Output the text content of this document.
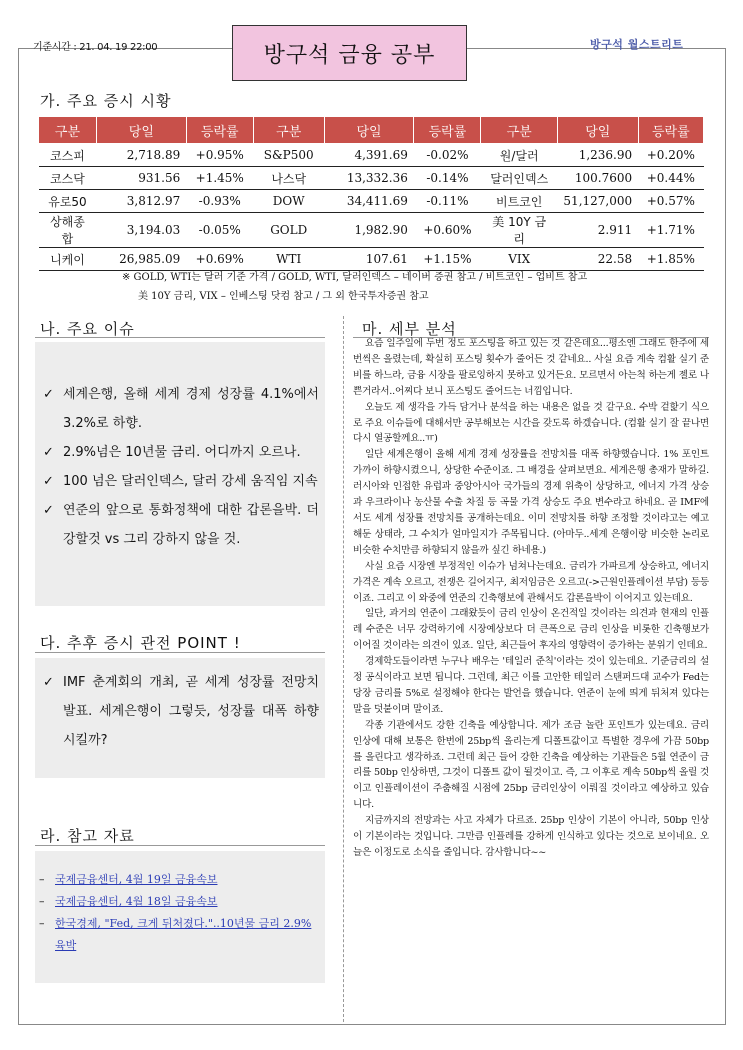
기준시간 : 21. 04. 19 22:00	방구석 금융 공부	방구석 월스트리트
가. 주요 증시 시황
구분	당일	등락률	구분	당일	등락률	구분	당일	등락률
코스피	2,718.89	+0.95%	S&P500	4,391.69	-0.02%	원/달러	1,236.90	+0.20%
코스닥	931.56	+1.45%	나스닥	13,332.36	-0.14%	달러인덱스	100.7600	+0.44%
유로50	3,812.97	-0.93%	DOW	34,411.69	-0.11%	비트코인	51,127,000	+0.57%
상해종합	3,194.03	-0.05%	GOLD	1,982.90	+0.60%	美 10Y 금리	2.911	+1.71%
니케이	26,985.09	+0.69%	WTI	107.61	+1.15%	VIX	22.58	+1.85%
※ GOLD, WTI는 달러 기준 가격 / GOLD, WTI, 달러인덱스 – 네이버 증권 참고 / 비트코인 – 업비트 참고
美 10Y 금리, VIX – 인베스팅 닷컴 참고 / 그 외 한국투자증권 참고
나. 주요 이슈
✓ 세계은행, 올해 세계 경제 성장률 4.1%에서 3.2%로 하향.
✓ 2.9%넘은 10년물 금리. 어디까지 오르나.
✓ 100 넘은 달러인덱스, 달러 강세 움직임 지속
✓ 연준의 앞으로 통화정책에 대한 갑론을박. 더 강할것 vs 그리 강하지 않을 것.
다. 추후 증시 관전 POINT !
✓ IMF 춘계회의 개최, 곧 세계 성장률 전망치 발표. 세계은행이 그렇듯, 성장률 대폭 하향 시킬까?
라. 참고 자료
– 국제금융센터, 4월 19일 금융속보
– 국제금융센터, 4월 18일 금융속보
– 한국경제, "Fed, 크게 뒤처졌다."..10년물 금리 2.9% 육박
마. 세부 분석

요즘 일주일에 두번 정도 포스팅을 하고 있는 것 같은데요...평소엔 그래도 한주에 세번씩은 올렸는데, 확실히 포스팅 횟수가 줄어든 것 같네요.. 사실 요즘 계속 컴활 실기 준비를 하느라, 금융 시장을 팔로잉하지 못하고 있거든요. 모르면서 아는척 하는게 젤로 나쁜거라서..어찌다 보니 포스팅도 줄어드는 너낌입니다.

오늘도 제 생각을 가득 담거나 분석을 하는 내용은 없을 것 같구요. 수박 겉핥기 식으로 주요 이슈들에 대해서만 공부해보는 시간을 갖도록 하겠습니다. (컴활 실기 잘 끝나면 다시 열공할께요..ㅠ)

일단 세계은행이 올해 세계 경제 성장률을 전망치를 대폭 하향했습니다. 1% 포인트 가까이 하향시켰으니, 상당한 수준이죠. 그 배경을 살펴보면요. 세계은행 총재가 말하길. 러시아와 인접한 유럽과 중앙아시아 국가들의 경제 위축이 상당하고, 에너지 가격 상승과 우크라이나 농산물 수출 차질 등 곡물 가격 상승도 주요 변수라고 하네요. 곧 IMF에서도 세계 성장률 전망치를 공개하는데요. 이미 전망치를 하향 조정할 것이라고는 예고해둔 상태라, 그 수치가 얼마일지가 주목됩니다. (아마두..세계 은행이랑 비슷한 논리로 비슷한 수치만큼 하향되지 않을까 싶긴 하네용.)

사실 요즘 시장엔 부정적인 이슈가 넘쳐나는데요. 금리가 가파르게 상승하고, 에너지 가격은 계속 오르고, 전쟁은 길어지구, 최저임금은 오르고(->근원인플레이션 부담) 등등이죠. 그리고 이 와중에 연준의 긴축행보에 관해서도 갑론을박이 이어지고 있는데요.

일단, 과거의 연준이 그래왔듯이 금리 인상이 온건적일 것이라는 의견과 현재의 인플레 수준은 너무 강력하기에 시장예상보다 더 큰폭으로 금리 인상을 비롯한 긴축행보가 이어질 것이라는 의견이 있죠. 일단, 최근들어 후자의 영향력이 증가하는 분위기 인데요.

경제학도들이라면 누구나 배우는 '테일러 준칙'이라는 것이 있는데요. 기준금리의 설정 공식이라고 보면 됩니다. 그런데, 최근 이를 고안한 테일러 스탠퍼드대 교수가 Fed는 당장 금리를 5%로 설정해야 한다는 발언을 했습니다. 연준이 눈에 띄게 뒤처져 있다는 말을 덧붙이며 말이죠.

각종 기관에서도 강한 긴축을 예상합니다. 제가 조금 놀란 포인트가 있는데요. 금리 인상에 대해 보통은 한번에 25bp씩 올리는게 디폴트값이고 특별한 경우에 가끔 50bp를 올린다고 생각하죠. 그런데 최근 들어 강한 긴축을 예상하는 기관들은 5월 연준이 금리를 50bp 인상하면, 그것이 디폴트 값이 될것이고. 즉, 그 이후로 계속 50bp씩 올릴 것이고 인플레이션이 주춤해질 시점에 25bp 금리인상이 이뤄질 것이라고 예상하고 있습니다.

지금까지의 전망과는 사고 자체가 다르죠. 25bp 인상이 기본이 아니라, 50bp 인상이 기본이라는 것입니다. 그만큼 인플레를 강하게 인식하고 있다는 것으로 보이네요. 오늘은 이정도로 소식을 줄입니다. 감사합니다~~
